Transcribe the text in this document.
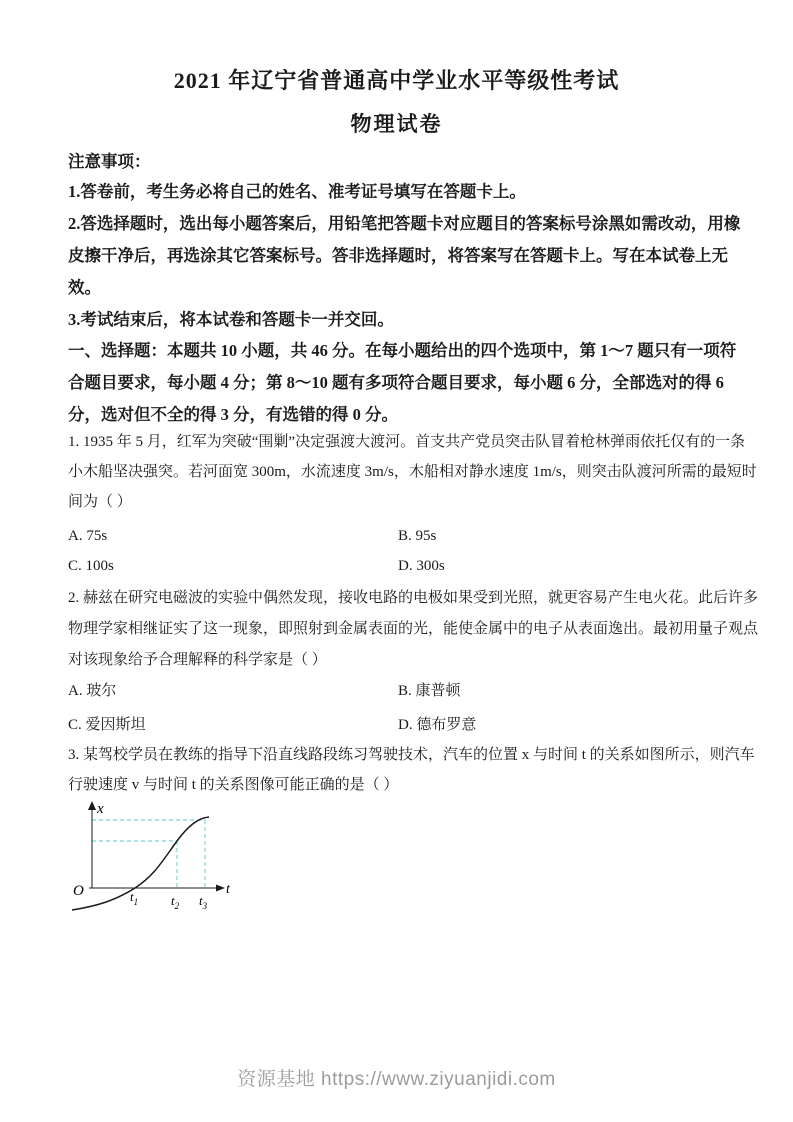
2021 年辽宁省普通高中学业水平等级性考试
物理试卷
注意事项：
1.答卷前，考生务必将自己的姓名、准考证号填写在答题卡上。
2.答选择题时，选出每小题答案后，用铅笔把答题卡对应题目的答案标号涂黑如需改动，用橡
皮擦干净后，再选涂其它答案标号。答非选择题时，将答案写在答题卡上。写在本试卷上无
效。
3.考试结束后，将本试卷和答题卡一并交回。
一、选择题：本题共 10 小题，共 46 分。在每小题给出的四个选项中，第 1～7 题只有一项符
合题目要求，每小题 4 分；第 8～10 题有多项符合题目要求，每小题 6 分，全部选对的得 6
分，选对但不全的得 3 分，有选错的得 0 分。
1. 1935 年 5 月，红军为突破“围剿”决定强渡大渡河。首支共产党员突击队冒着枪林弹雨依托仅有的一条
小木船坚决强突。若河面宽 300m，水流速度 3m/s，木船相对静水速度 1m/s，则突击队渡河所需的最短时
间为（ ）
A. 75s	B. 95s
C. 100s	D. 300s
2. 赫兹在研究电磁波的实验中偶然发现，接收电路的电极如果受到光照，就更容易产生电火花。此后许多
物理学家相继证实了这一现象，即照射到金属表面的光，能使金属中的电子从表面逸出。最初用量子观点
对该现象给予合理解释的科学家是（ ）
A. 玻尔	B. 康普顿
C. 爱因斯坦	D. 德布罗意
3. 某驾校学员在教练的指导下沿直线路段练习驾驶技术，汽车的位置 x 与时间 t 的关系如图所示，则汽车
行驶速度 v 与时间 t 的关系图像可能正确的是（ ）
x
t
O	$t_1$	$t_2$ $t_3$
资源基地 https://www.ziyuanjidi.com
